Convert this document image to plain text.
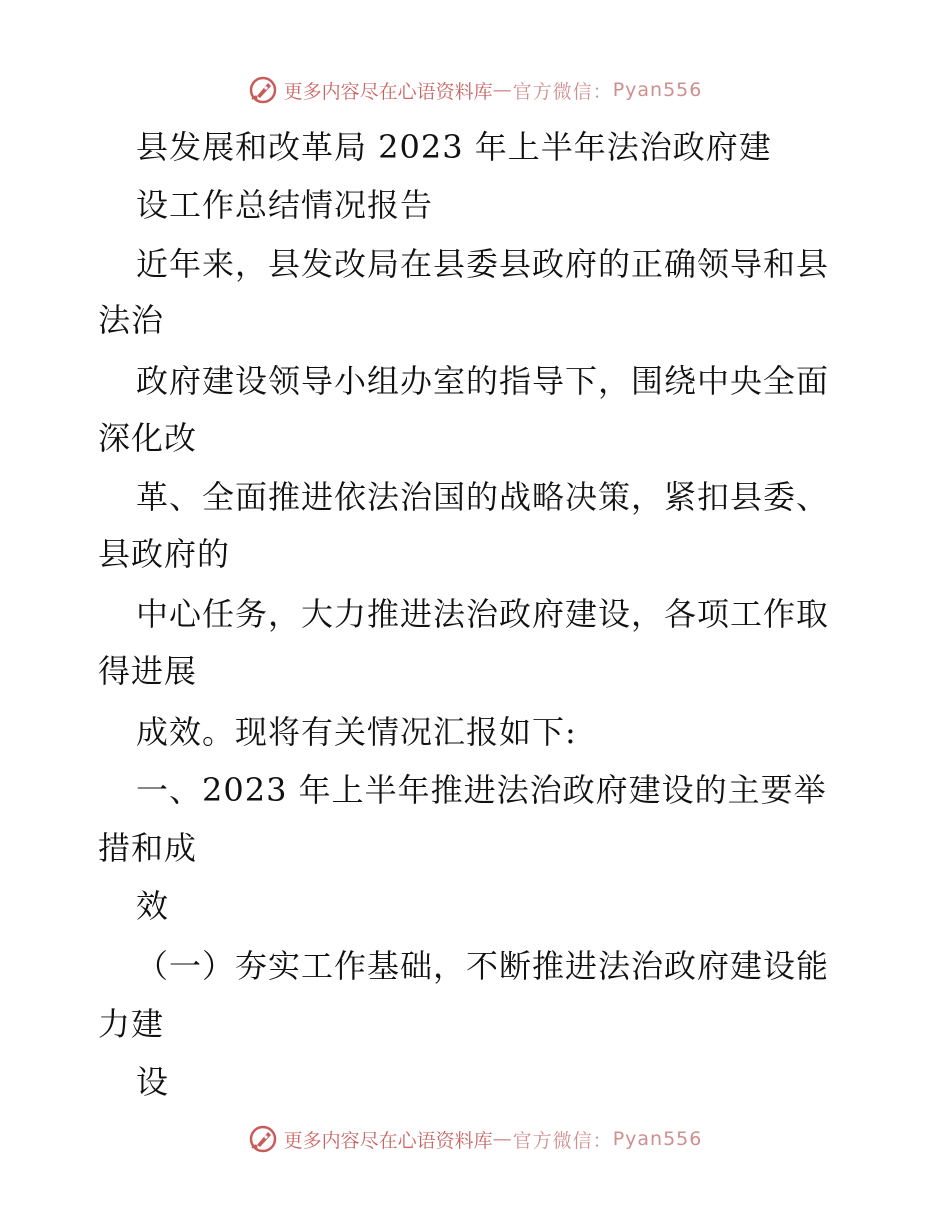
更多内容尽在心语资料库 — 官方微信： Pyan556
县发展和改革局 2023 年上半年法治政府建
设工作总结情况报告
近年来，县发改局在县委县政府的正确领导和县
法治
政府建设领导小组办室的指导下，围绕中央全面
深化改
革、全面推进依法治国的战略决策，紧扣县委、
县政府的
中心任务，大力推进法治政府建设，各项工作取
得进展
成效。现将有关情况汇报如下:
一、2023 年上半年推进法治政府建设的主要举
措和成
效
（一）夯实工作基础，不断推进法治政府建设能
力建
设
更多内容尽在心语资料库 — 官方微信： Pyan556
